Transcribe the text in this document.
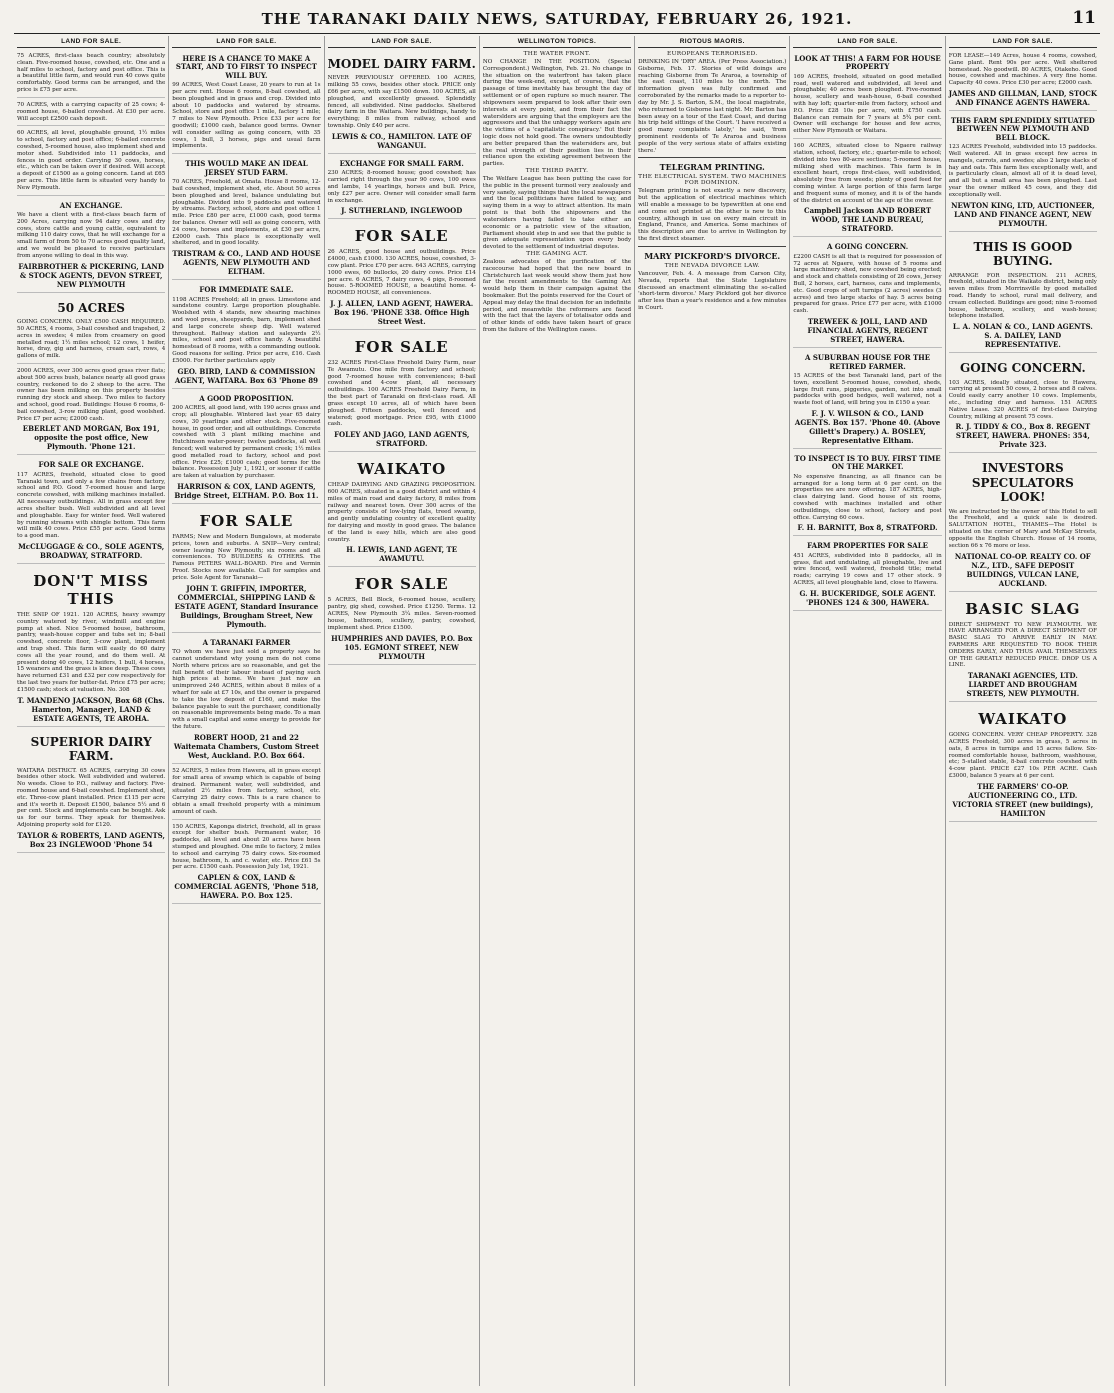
THE TARANAKI DAILY NEWS, SATURDAY, FEBRUARY 26, 1921.	11
LAND FOR SALE.
75 ACRES, first-class beach country; absolutely clean. Five-roomed house, cowshed, etc. One and a half miles to school, factory and post office. This is a beautiful little farm, and would run 40 cows quite comfortably. Good terms can be arranged, and the price is £75 per acre.
70 ACRES, with a carrying capacity of 25 cows; 4-roomed house, 6-bailed cowshed. At £30 per acre. Will accept £2500 cash deposit.
60 ACRES, all level, ploughable ground, 1½ miles to school, factory and post office; 6-bailed concrete cowshed, 5-roomed house, also implement shed and motor shed. Subdivided into 11 paddocks, and fences in good order. Carrying 30 cows, horses, etc., which can be taken over if desired. Will accept a deposit of £1500 as a going concern. Land at £65 per acre. This little farm is situated very handy to New Plymouth.
AN EXCHANGE.
We have a client with a first-class beach farm of 200 Acres, carrying now 94 dairy cows and dry cows, store cattle and young cattle, equivalent to milking 110 dairy cows, that he will exchange for a small farm of from 50 to 70 acres good quality land, and we would be pleased to receive particulars from anyone willing to deal in this way.
FAIRBROTHER & PICKERING, LAND & STOCK AGENTS, DEVON STREET, NEW PLYMOUTH
50 ACRES
GOING CONCERN. ONLY £500 CASH REQUIRED. 50 ACRES, 4 rooms, 3-bail cowshed and trapshed, 2 acres in swedes; 4 miles from creamery on good metalled road; 1½ miles school; 12 cows, 1 heifer, horse, dray, gig and harness, cream cart, rows, 4 gallons of milk.
2000 ACRES, over 300 acres good grass river flats; about 500 acres bush, balance nearly all good grass country, reckoned to do 2 sheep to the acre. The owner has been milking on this property besides running dry stock and sheep. Two miles to factory and school, good road. Buildings: House 6 rooms, 6-bail cowshed, 3-row milking plant, good woolshed. Price £7 per acre; £2000 cash.
EBERLET AND MORGAN, Box 191, opposite the post office, New Plymouth. 'Phone 121.
FOR SALE OR EXCHANGE.
117 ACRES, freehold, situated close to good Taranaki town, and only a few chains from factory, school and P.O. Good 7-roomed house and large concrete cowshed, with milking machines installed. All necessary outbuildings. All in grass except few acres shelter bush. Well subdivided and all level and ploughable. Easy for winter feed. Well watered by running streams with shingle bottom. This farm will milk 40 cows. Price £55 per acre. Good terms to a good man.
McCLUGGAGE & CO., SOLE AGENTS, BROADWAY, STRATFORD.
DON'T MISS THIS
THE SNIP OF 1921. 120 ACRES, heavy swampy country watered by river, windmill and engine pump at shed. Nice 5-roomed house, bathroom, pantry, wash-house copper and tubs set in; 8-bail cowshed, concrete floor, 3-cow plant, implement and trap shed. This farm will easily do 60 dairy cows all the year round, and do them well. At present doing 40 cows, 12 heifers, 1 bull, 4 horses, 15 weaners and the grass is knee deep. These cows have returned £31 and £32 per cow respectively for the last two years for butter-fat. Price £75 per acre; £1500 cash; stock at valuation. No. 308
T. MANDENO JACKSON, Box 68 (Chs. Hamerton, Manager), LAND & ESTATE AGENTS, TE AROHA.
SUPERIOR DAIRY FARM.
WAITARA DISTRICT. 65 ACRES, carrying 30 cows besides other stock. Well subdivided and watered. No weeds. Close to P.O., railway and factory. Five-roomed house and 6-bail cowshed. Implement shed, etc. Three-cow plant installed. Price £115 per acre and it's worth it. Deposit £1500, balance 5½ and 6 per cent. Stock and implements can be bought. Ask us for our terms. They speak for themselves. Adjoining property sold for £120.
TAYLOR & ROBERTS, LAND AGENTS, Box 23 INGLEWOOD 'Phone 54
LAND FOR SALE.
HERE IS A CHANCE TO MAKE A START, AND TO FIRST TO INSPECT WILL BUY.
99 ACRES, West Coast Lease, 20 years to run at 1s per acre rent. House 6 rooms, 8-bail cowshed, all been ploughed and in grass and crop. Divided into about 10 paddocks and watered by streams. School, store and post office 1 mile, factory 1 mile; 7 miles to New Plymouth. Price £33 per acre for goodwill; £1000 cash, balance good terms. Owner will consider selling as going concern, with 35 cows, 1 bull, 3 horses, pigs and usual farm implements.
THIS WOULD MAKE AN IDEAL JERSEY STUD FARM.
70 ACRES, Freehold, at Omata. House 8 rooms, 12-bail cowshed, implement shed, etc. About 50 acres been ploughed and level, balance undulating but ploughable. Divided into 9 paddocks and watered by streams. Factory, school, store and post office 1 mile. Price £80 per acre, £1000 cash, good terms for balance. Owner will sell as going concern, with 24 cows, horses and implements, at £30 per acre, £2000 cash. This place is exceptionally well sheltered, and in good locality.
TRISTRAM & CO., LAND AND HOUSE AGENTS, NEW PLYMOUTH AND ELTHAM.
FOR IMMEDIATE SALE.
1198 ACRES Freehold; all in grass. Limestone and sandstone country. Large proportion ploughable. Woolshed with 4 stands, new shearing machines and wool press, sheepyards, barn, implement shed and large concrete sheep dip. Well watered throughout. Railway station and saleyards 2½ miles, school and post office handy. A beautiful homestead of 8 rooms, with a commanding outlook. Good reasons for selling. Price per acre, £16. Cash £5000. For further particulars apply
GEO. BIRD, LAND & COMMISSION AGENT, WAITARA. Box 63 'Phone 89
A GOOD PROPOSITION.
200 ACRES, all good land, with 190 acres grass and crop; all ploughable. Wintered last year 65 dairy cows, 30 yearlings and other stock. Five-roomed house, in good order, and all outbuildings. Concrete cowshed with 3 plant milking machine and Hutchinson water-power; twelve paddocks, all well fenced; well watered by permanent creek; 1½ miles good metalled road to factory, school and post office. Price £25; £1000 cash; good terms for the balance. Possession July 1, 1921, or sooner if cattle are taken at valuation by purchaser.
HARRISON & COX, LAND AGENTS, Bridge Street, ELTHAM. P.O. Box 11.
FOR SALE
FARMS; New and Modern Bungalows, at moderate prices, town and suburbs. A SNIP—Very central; owner leaving New Plymouth; six rooms and all conveniences. TO BUILDERS & OTHERS. The Famous PETERS WALL-BOARD. Fire and Vermin Proof. Stocks now available. Call for samples and price. Sole Agent for Taranaki—
JOHN T. GRIFFIN, IMPORTER, COMMERCIAL, SHIPPING LAND & ESTATE AGENT, Standard Insurance Buildings, Brougham Street, New Plymouth.
A TARANAKI FARMER
TO whom we have just sold a property says he cannot understand why young men do not come North where prices are so reasonable, and get the full benefit of their labour instead of paying such high prices at home. We have just now an unimproved 246 ACRES, within about 8 miles of a wharf for sale at £7 10s, and the owner is prepared to take the low deposit of £160, and make the balance payable to suit the purchaser, conditionally on reasonable improvements being made. To a man with a small capital and some energy to provide for the future.
ROBERT HOOD, 21 and 22 Waitemata Chambers, Custom Street West, Auckland. P.O. Box 664.
52 ACRES, 5 miles from Hawera, all in grass except for small area of swamp which is capable of being drained. Permanent water, well subdivided, and situated 2½ miles from factory, school, etc. Carrying 25 dairy cows. This is a rare chance to obtain a small freehold property with a minimum amount of cash.
150 ACRES, Kaponga district, freehold, all in grass except for shelter bush. Permanent water, 16 paddocks, all level and about 20 acres have been stumped and ploughed. One mile to factory, 2 miles to school and carrying 75 dairy cows. Six-roomed house, bathroom, h. and c. water, etc. Price £61 5s per acre. £1500 cash. Possession July 1st, 1921.
CAPLEN & COX, LAND & COMMERCIAL AGENTS, 'Phone 518, HAWERA. P.O. Box 125.
LAND FOR SALE.
MODEL DAIRY FARM.
NEVER PREVIOUSLY OFFERED. 100 ACRES, milking 55 cows, besides other stock. PRICE only £66 per acre, with say £1500 down. 100 ACRES, all ploughed, and excellently grassed. Splendidly fenced, all subdivided. Nine paddocks. Sheltered dairy farm in the Waitara. New buildings, handy to everything; 8 miles from railway, school and township. Only £40 per acre.
LEWIS & CO., HAMILTON. LATE OF WANGANUI.
EXCHANGE FOR SMALL FARM.
230 ACRES; 8-roomed house; good cowshed; has carried right through the year 90 cows, 100 ewes and lambs, 14 yearlings, horses and bull. Price, only £27 per acre. Owner will consider small farm in exchange.
J. SUTHERLAND, INGLEWOOD
FOR SALE
26 ACRES, good house and outbuildings. Price £4000, cash £1000. 130 ACRES, house, cowshed, 3-cow plant. Price £70 per acre. 643 ACRES, carrying 1000 ewes, 60 bullocks, 20 dairy cows. Price £14 per acre. 6 ACRES, 7 dairy cows, 4 pigs, 8-roomed house. 5-ROOMED HOUSE, a beautiful home. 4-ROOMED HOUSE, all conveniences.
J. J. ALLEN, LAND AGENT, HAWERA. Box 196. 'PHONE 338. Office High Street West.
FOR SALE
232 ACRES First-Class Freehold Dairy Farm, near Te Awamutu. One mile from factory and school; good 7-roomed house with conveniences; 8-bail cowshed and 4-cow plant, all necessary outbuildings. 100 ACRES Freehold Dairy Farm, in the best part of Taranaki on first-class road. All grass except 10 acres, all of which have been ploughed. Fifteen paddocks, well fenced and watered; good mortgage. Price £95, with £1000 cash.
FOLEY AND JAGO, LAND AGENTS, STRATFORD.
WAIKATO
CHEAP DAIRYING AND GRAZING PROPOSITION. 600 ACRES, situated in a good district and within 4 miles of main road and dairy factory, 8 miles from railway and nearest town. Over 300 acres of the property consists of low-lying flats, treed swamp, and gently undulating country of excellent quality for dairying and mostly in good grass. The balance of the land is easy hills, which are also good country.
H. LEWIS, LAND AGENT, TE AWAMUTU.
FOR SALE
5 ACRES, Bell Block, 6-roomed house, scullery, pantry, gig shed, cowshed. Price £1250. Terms. 12 ACRES, New Plymouth 3¼ miles. Seven-roomed house, bathroom, scullery, pantry, cowshed, implement shed. Price £1500.
HUMPHRIES AND DAVIES, P.O. Box 105. EGMONT STREET, NEW PLYMOUTH
WELLINGTON TOPICS.
THE WATER FRONT.
NO CHANGE IN THE POSITION. (Special Correspondent.) Wellington, Feb. 21. No change in the situation on the waterfront has taken place during the week-end, except, of course, that the passage of time inevitably has brought the day of settlement or of open rupture so much nearer. The shipowners seem prepared to look after their own interests at every point, and from their fact the waterslders are arguing that the employers are the aggressors and that the unhappy workers again are the victims of a 'capitalistic conspiracy.' But their logic does not hold good. The owners undoubtedly are better prepared than the watersiders are, but the real strength of their position lies in their reliance upon the existing agreement between the parties.
THE THIRD PARTY.
The Welfare League has been putting the case for the public in the present turmoil very zealously and very sanely, saying things that the local newspapers and the local politicians have failed to say, and saying them in a way to attract attention. Its main point is that both the shipowners and the watersiders having failed to take either an economic or a patriotic view of the situation, Parliament should step in and see that the public is given adequate representation upon every body devoted to the settlement of industrial disputes.
THE GAMING ACT.
Zealous advocates of the purification of the racecourse had hoped that the new board in Christchurch last week would show them just how far the recent amendments to the Gaming Act would help them in their campaign against the bookmaker. But the points reserved for the Court of Appeal may delay the final decision for an indefinite period, and meanwhile the reformers are faced with the fact that the layers of totalisator odds and of other kinds of odds have taken heart of grace from the failure of the Wellington cases.
RIOTOUS MAORIS.
EUROPEANS TERRORISED.
DRINKING IN 'DRY' AREA. (Per Press Association.) Gisborne, Feb. 17. Stories of wild doings are reaching Gisborne from Te Araroa, a township of the east coast, 110 miles to the north. The information given was fully confirmed and corroborated by the remarks made to a reporter to-day by Mr. J. S. Barton, S.M., the local magistrate, who returned to Gisborne last night. Mr. Barton has been away on a tour of the East Coast, and during his trip held sittings of the Court. 'I have received a good many complaints lately,' he said, 'from prominent residents of Te Araroa and business people of the very serious state of affairs existing there.'
TELEGRAM PRINTING.
THE ELECTRICAL SYSTEM. TWO MACHINES FOR DOMINION.
Telegram printing is not exactly a new discovery, but the application of electrical machines which will enable a message to be typewritten at one end and come out printed at the other is new to this country, although in use on every main circuit in England, France, and America. Some machines of this description are due to arrive in Wellington by the first direct steamer.
MARY PICKFORD'S DIVORCE.
THE NEVADA DIVORCE LAW.
Vancouver, Feb. 4. A message from Carson City, Nevada, reports that the State Legislature discussed an enactment eliminating the so-called 'short-term divorce.' Mary Pickford got her divorce after less than a year's residence and a few minutes in Court.
LAND FOR SALE.
LOOK AT THIS! A FARM FOR HOUSE PROPERTY
169 ACRES, freehold, situated on good metalled road, well watered and subdivided, all level and ploughable; 40 acres been ploughed. Five-roomed house, scullery and wash-house, 6-bail cowshed with hay loft; quarter-mile from factory, school and P.O. Price £28 10s per acre, with £750 cash. Balance can remain for 7 years at 5¾ per cent. Owner will exchange for house and few acres, either New Plymouth or Waitara.
160 ACRES, situated close to Ngaere railway station, school, factory, etc.; quarter-mile to school; divided into two 80-acre sections; 5-roomed house, milking shed with machines. This farm is in excellent heart, crops first-class, well subdivided, absolutely free from weeds; plenty of good feed for coming winter. A large portion of this farm large and frequent sums of money, and it is of the hands of the district on account of the age of the owner.
Campbell Jackson AND ROBERT WOOD, THE LAND BUREAU, STRATFORD.
A GOING CONCERN.
£2200 CASH is all that is required for possession of 72 acres at Ngaere, with house of 5 rooms and large machinery shed, new cowshed being erected; and stock and chattels consisting of 26 cows, Jersey Bull, 2 horses, cart, harness, cans and implements, etc. Good crops of soft turnips (2 acres) swedes (3 acres) and two large stacks of hay. 5 acres being prepared for grass. Price £77 per acre, with £1000 cash.
TREWEEK & JOLL, LAND AND FINANCIAL AGENTS, REGENT STREET, HAWERA.
A SUBURBAN HOUSE FOR THE RETIRED FARMER.
15 ACRES of the best Taranaki land, part of the town, excellent 5-roomed house, cowshed, sheds, large fruit runs, piggeries, garden, not into small paddocks with good hedges, well watered, not a waste foot of land, will bring you in £150 a year.
F. J. V. WILSON & CO., LAND AGENTS. Box 157. 'Phone 40. (Above Gillett's Drapery.) A. BOSLEY, Representative Eltham.
TO INSPECT IS TO BUY. FIRST TIME ON THE MARKET.
No expensive financing, as all finance can be arranged for a long term at 6 per cent. on the properties we are now offering. 187 ACRES, high-class dairying land. Good house of six rooms, cowshed with machines installed and other outbuildings, close to school, factory and post office. Carrying 60 cows.
F. H. BARNITT, Box 8, STRATFORD.
FARM PROPERTIES FOR SALE
451 ACRES, subdivided into 8 paddocks, all in grass, flat and undulating, all ploughable, live and wire fenced, well watered, freehold title; metal roads; carrying 19 cows and 17 other stock. 9 ACRES, all level ploughable land, close to Hawera.
G. H. BUCKERIDGE, SOLE AGENT. 'PHONES 124 & 300, HAWERA.
LAND FOR SALE.
FOR LEASE—149 Acres, house 4 rooms, cowshed, Gane plant. Rent 90s per acre. Well sheltered homestead. No goodwill. 80 ACRES, Otakeho. Good house, cowshed and machines. A very fine home. Capacity 40 cows. Price £30 per acre; £2000 cash.
JAMES AND GILLMAN, LAND, STOCK AND FINANCE AGENTS HAWERA.
THIS FARM SPLENDIDLY SITUATED BETWEEN NEW PLYMOUTH AND BELL BLOCK.
123 ACRES Freehold, subdivided into 15 paddocks. Well watered. All in grass except few acres in mangels, carrots, and swedes; also 2 large stacks of hay and oats. This farm lies exceptionally well, and is particularly clean, almost all of it is dead level, and all but a small area has been ploughed. Last year the owner milked 45 cows, and they did exceptionally well.
NEWTON KING, LTD, AUCTIONEER, LAND AND FINANCE AGENT, NEW PLYMOUTH.
THIS IS GOOD BUYING.
ARRANGE FOR INSPECTION. 211 ACRES, freehold, situated in the Waikato district, being only seven miles from Morrinsville by good metalled road. Handy to school, rural mail delivery, and cream collected. Buildings are good; nine 5-roomed house, bathroom, scullery, and wash-house; telephone installed.
L. A. NOLAN & CO., LAND AGENTS. S. A. DAILEY, LAND REPRESENTATIVE.
GOING CONCERN.
103 ACRES, ideally situated, close to Hawera, carrying at present 50 cows, 2 horses and 8 calves. Could easily carry another 10 cows. Implements, etc., including dray and harness. 151 ACRES Native Lease. 320 ACRES of first-class Dairying Country, milking at present 75 cows.
R. J. TIDDY & CO., Box 8. REGENT STREET, HAWERA. PHONES: 354, Private 323.
INVESTORS SPECULATORS LOOK!
We are instructed by the owner of this Hotel to sell the Freehold, and a quick sale is desired. SALUTATION HOTEL, THAMES—The Hotel is situated on the corner of Mary and McKay Streets, opposite the English Church. House of 14 rooms, section 66 x 76 more or less.
NATIONAL CO-OP. REALTY CO. OF N.Z., LTD., SAFE DEPOSIT BUILDINGS, VULCAN LANE, AUCKLAND.
BASIC SLAG
DIRECT SHIPMENT TO NEW PLYMOUTH. WE HAVE ARRANGED FOR A DIRECT SHIPMENT OF BASIC SLAG TO ARRIVE EARLY IN MAY. FARMERS ARE REQUESTED TO BOOK THEIR ORDERS EARLY, AND THUS AVAIL THEMSELVES OF THE GREATLY REDUCED PRICE. DROP US A LINE.
TARANAKI AGENCIES, LTD. LIARDET AND BROUGHAM STREETS, NEW PLYMOUTH.
WAIKATO
GOING CONCERN. VERY CHEAP PROPERTY. 328 ACRES Freehold, 300 acres in grass, 5 acres in oats, 8 acres in turnips and 15 acres fallow. Six-roomed comfortable house, bathroom, washhouse, etc; 5-stalled stable, 8-bail concrete cowshed with 4-cow plant. PRICE £27 10s PER ACRE. Cash £3000, balance 5 years at 6 per cent.
THE FARMERS' CO-OP. AUCTIONEERING CO., LTD. VICTORIA STREET (new buildings), HAMILTON
